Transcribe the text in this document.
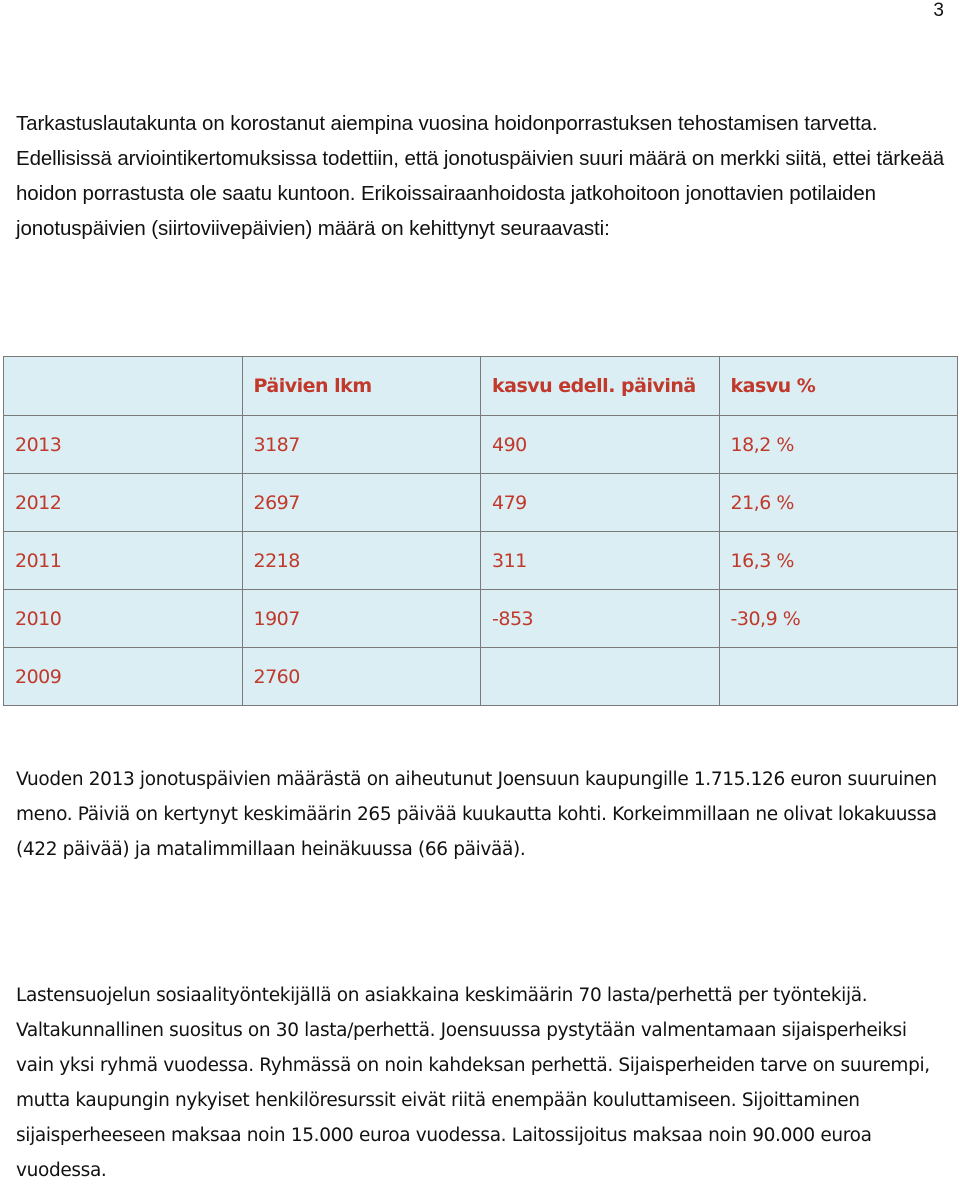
3

Tarkastuslautakunta on korostanut aiempina vuosina hoidonporrastuksen tehostamisen tarvetta. Edellisissä arviointikertomuksissa todettiin, että jonotuspäivien suuri määrä on merkki siitä, ettei tärkeää hoidon porrastusta ole saatu kuntoon. Erikoissairaanhoidosta jatkohoitoon jonottavien potilaiden jonotuspäivien (siirtoviivepäivien) määrä on kehittynyt seuraavasti:

	Päivien lkm	kasvu edell. päivinä	kasvu %
2013	3187	490	18,2 %
2012	2697	479	21,6 %
2011	2218	311	16,3 %
2010	1907	-853	-30,9 %
2009	2760		

Vuoden 2013 jonotuspäivien määrästä on aiheutunut Joensuun kaupungille 1.715.126 euron suuruinen meno. Päiviä on kertynyt keskimäärin 265 päivää kuukautta kohti. Korkeimmillaan ne olivat lokakuussa (422 päivää) ja matalimmillaan heinäkuussa (66 päivää).

Lastensuojelun sosiaalityöntekijällä on asiakkaina keskimäärin 70 lasta/perhettä per työntekijä. Valtakunnallinen suositus on 30 lasta/perhettä. Joensuussa pystytään valmentamaan sijaisperheiksi vain yksi ryhmä vuodessa. Ryhmässä on noin kahdeksan perhettä. Sijaisperheiden tarve on suurempi, mutta kaupungin nykyiset henkilöresurssit eivät riitä enempään kouluttamiseen. Sijoittaminen sijaisperheeseen maksaa noin 15.000 euroa vuodessa. Laitossijoitus maksaa noin 90.000 euroa vuodessa.
